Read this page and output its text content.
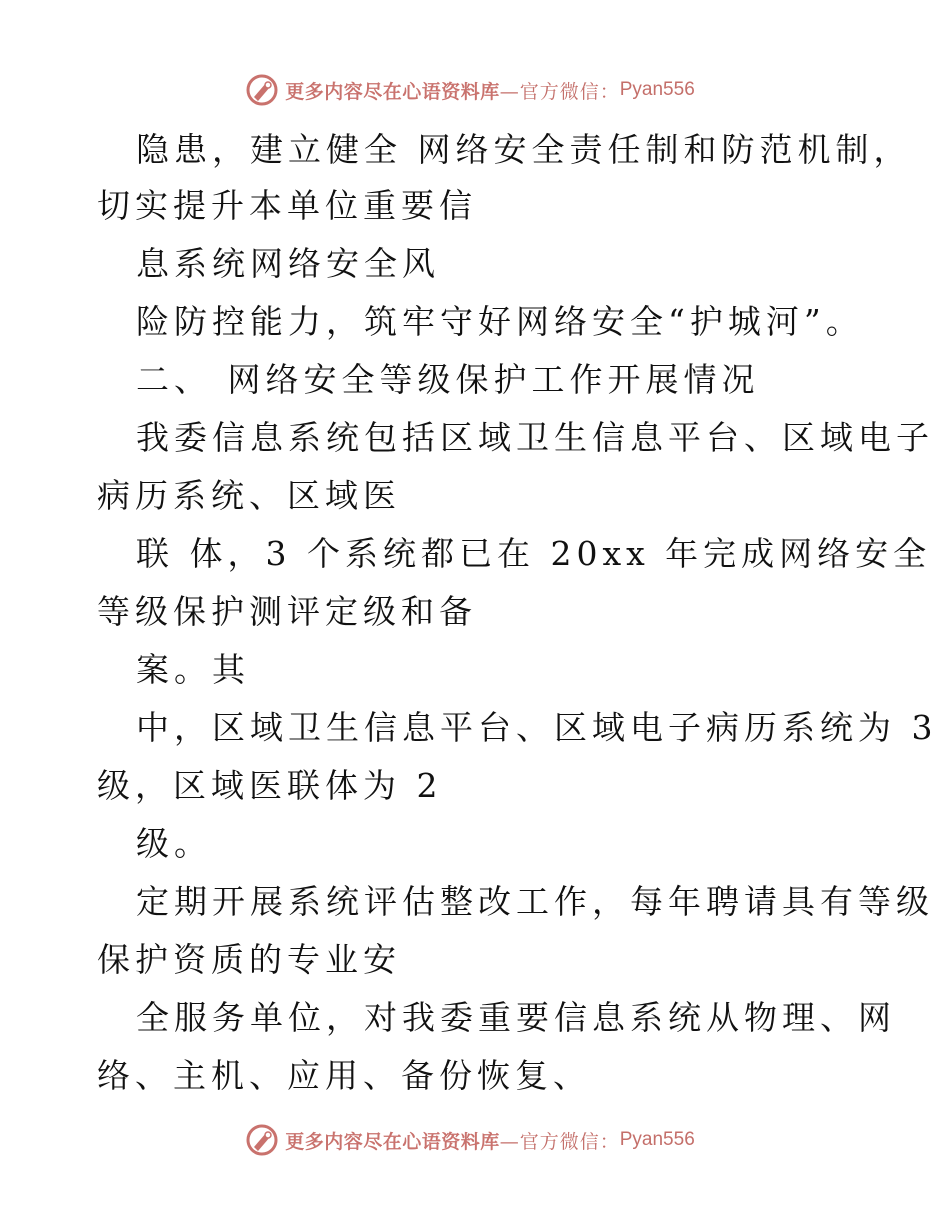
更多内容尽在心语资料库 —官方微信： Pyan556
隐患，建立健全 网络安全责任制和防范机制，
切实提升本单位重要信
息系统网络安全风
险防控能力，筑牢守好网络安全“护城河”。
二、 网络安全等级保护工作开展情况
我委信息系统包括区域卫生信息平台、区域电子
病历系统、区域医
联 体，3 个系统都已在 20xx 年完成网络安全
等级保护测评定级和备
案。其
中，区域卫生信息平台、区域电子病历系统为 3
级，区域医联体为 2
级。
定期开展系统评估整改工作，每年聘请具有等级
保护资质的专业安
全服务单位，对我委重要信息系统从物理、网
络、主机、应用、备份恢复、
更多内容尽在心语资料库 —官方微信： Pyan556
